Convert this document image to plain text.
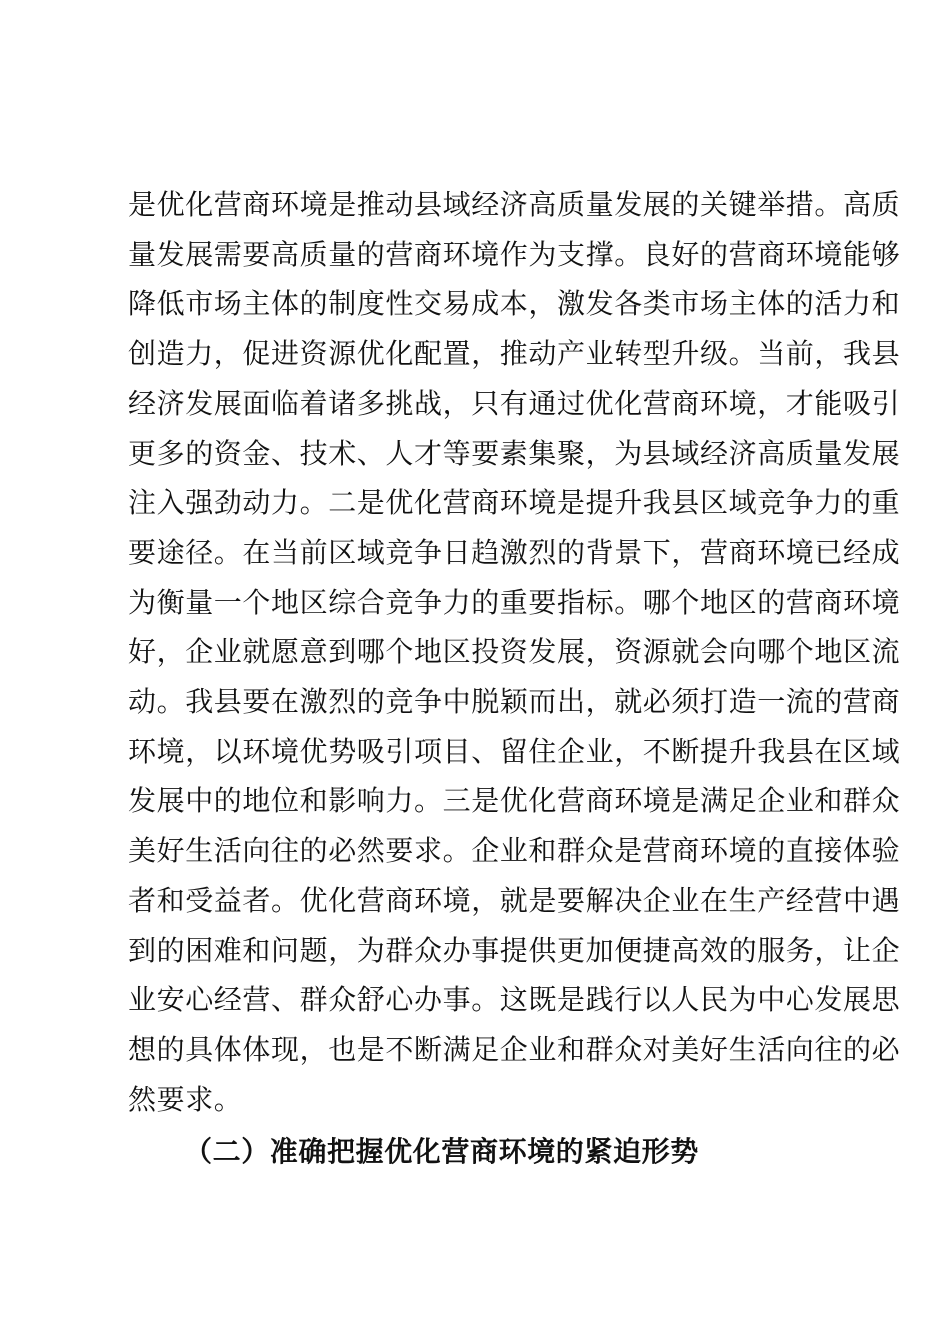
是优化营商环境是推动县域经济高质量发展的关键举措。高质
量发展需要高质量的营商环境作为支撑。良好的营商环境能够
降低市场主体的制度性交易成本，激发各类市场主体的活力和
创造力，促进资源优化配置，推动产业转型升级。当前，我县
经济发展面临着诸多挑战，只有通过优化营商环境，才能吸引
更多的资金、技术、人才等要素集聚，为县域经济高质量发展
注入强劲动力。二是优化营商环境是提升我县区域竞争力的重
要途径。在当前区域竞争日趋激烈的背景下，营商环境已经成
为衡量一个地区综合竞争力的重要指标。哪个地区的营商环境
好，企业就愿意到哪个地区投资发展，资源就会向哪个地区流
动。我县要在激烈的竞争中脱颖而出，就必须打造一流的营商
环境，以环境优势吸引项目、留住企业，不断提升我县在区域
发展中的地位和影响力。三是优化营商环境是满足企业和群众
美好生活向往的必然要求。企业和群众是营商环境的直接体验
者和受益者。优化营商环境，就是要解决企业在生产经营中遇
到的困难和问题，为群众办事提供更加便捷高效的服务，让企
业安心经营、群众舒心办事。这既是践行以人民为中心发展思
想的具体体现，也是不断满足企业和群众对美好生活向往的必
然要求。

（二）准确把握优化营商环境的紧迫形势
